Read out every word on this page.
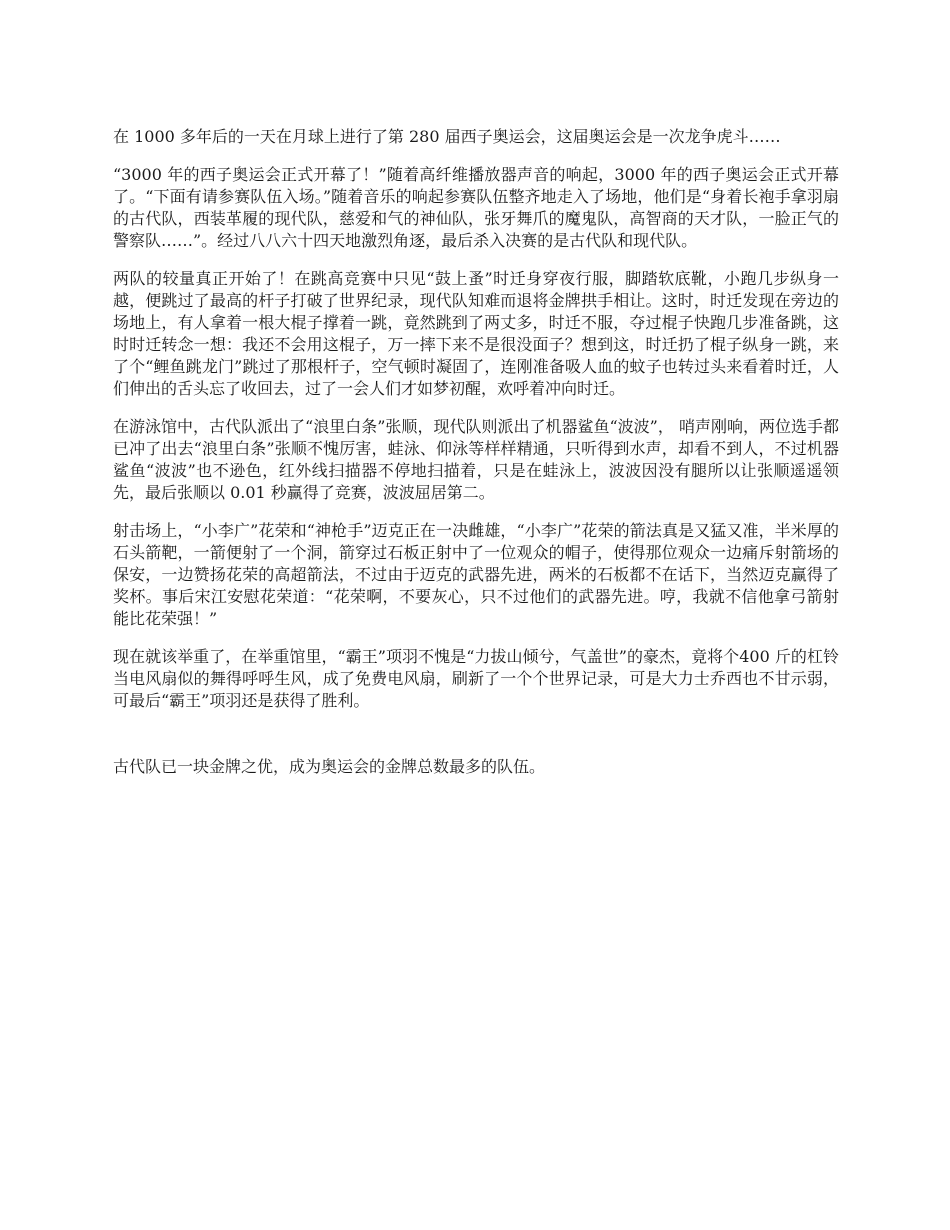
在 1000 多年后的一天在月球上进行了第 280 届西子奥运会，这届奥运会是一次龙争虎斗……

“3000 年的西子奥运会正式开幕了！”随着高纤维播放器声音的响起，3000 年的西子奥运会正式开幕了。“下面有请参赛队伍入场。”随着音乐的响起参赛队伍整齐地走入了场地，他们是“身着长袍手拿羽扇的古代队，西装革履的现代队，慈爱和气的神仙队，张牙舞爪的魔鬼队，高智商的天才队，一脸正气的警察队……”。经过八八六十四天地激烈角逐，最后杀入决赛的是古代队和现代队。

两队的较量真正开始了！在跳高竞赛中只见“鼓上蚤”时迁身穿夜行服，脚踏软底靴，小跑几步纵身一越，便跳过了最高的杆子打破了世界纪录，现代队知难而退将金牌拱手相让。这时，时迁发现在旁边的场地上，有人拿着一根大棍子撑着一跳，竟然跳到了两丈多，时迁不服，夺过棍子快跑几步准备跳，这时时迁转念一想：我还不会用这棍子，万一摔下来不是很没面子？想到这，时迁扔了棍子纵身一跳，来了个“鲤鱼跳龙门”跳过了那根杆子，空气顿时凝固了，连刚准备吸人血的蚊子也转过头来看着时迁，人们伸出的舌头忘了收回去，过了一会人们才如梦初醒，欢呼着冲向时迁。

在游泳馆中，古代队派出了“浪里白条”张顺，现代队则派出了机器鲨鱼“波波”， 哨声刚响，两位选手都已冲了出去“浪里白条”张顺不愧厉害，蛙泳、仰泳等样样精通，只听得到水声，却看不到人，不过机器鲨鱼“波波”也不逊色，红外线扫描器不停地扫描着，只是在蛙泳上，波波因没有腿所以让张顺遥遥领先，最后张顺以 0.01 秒赢得了竞赛，波波屈居第二。

射击场上，“小李广”花荣和“神枪手”迈克正在一决雌雄，“小李广”花荣的箭法真是又猛又准，半米厚的石头箭靶，一箭便射了一个洞，箭穿过石板正射中了一位观众的帽子，使得那位观众一边痛斥射箭场的保安，一边赞扬花荣的高超箭法，不过由于迈克的武器先进，两米的石板都不在话下，当然迈克赢得了奖杯。事后宋江安慰花荣道：“花荣啊，不要灰心，只不过他们的武器先进。哼，我就不信他拿弓箭射能比花荣强！”

现在就该举重了，在举重馆里，“霸王”项羽不愧是“力拔山倾兮，气盖世”的豪杰，竟将个400 斤的杠铃当电风扇似的舞得呼呼生风，成了免费电风扇，刷新了一个个世界记录，可是大力士乔西也不甘示弱，可最后“霸王”项羽还是获得了胜利。

古代队已一块金牌之优，成为奥运会的金牌总数最多的队伍。
